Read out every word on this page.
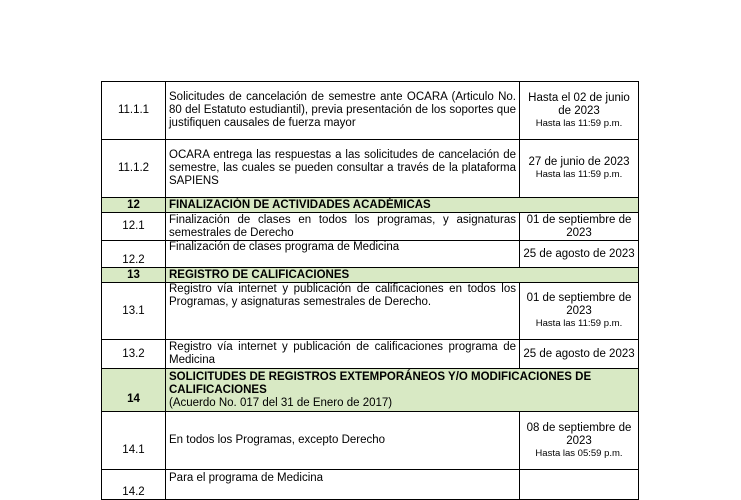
11.1.1	Solicitudes de cancelación de semestre ante OCARA (Articulo No. 80 del Estatuto estudiantil), previa presentación de los soportes que justifiquen causales de fuerza mayor	Hasta el 02 de junio de 2023
Hasta las 11:59 p.m.

11.1.2	OCARA entrega las respuestas a las solicitudes de cancelación de semestre, las cuales se pueden consultar a través de la plataforma SAPIENS	27 de junio de 2023
Hasta las 11:59 p.m.

12	FINALIZACIÓN DE ACTIVIDADES ACADÉMICAS	
12.1	Finalización de clases en todos los programas, y asignaturas semestrales de Derecho	01 de septiembre de 2023

12.2	Finalización de clases programa de Medicina	25 de agosto de 2023

13	REGISTRO DE CALIFICACIONES	
13.1	Registro vía internet y publicación de calificaciones en todos los Programas, y asignaturas semestrales de Derecho.	01 de septiembre de 2023
Hasta las 11:59 p.m.

13.2	Registro vía internet y publicación de calificaciones programa de Medicina	25 de agosto de 2023

14	SOLICITUDES DE REGISTROS EXTEMPORÁNEOS Y/O MODIFICACIONES DE CALIFICACIONES
(Acuerdo No. 017 del 31 de Enero de 2017)	

14.1	En todos los Programas, excepto Derecho	08 de septiembre de 2023
Hasta las 05:59 p.m.

14.2	Para el programa de Medicina	
